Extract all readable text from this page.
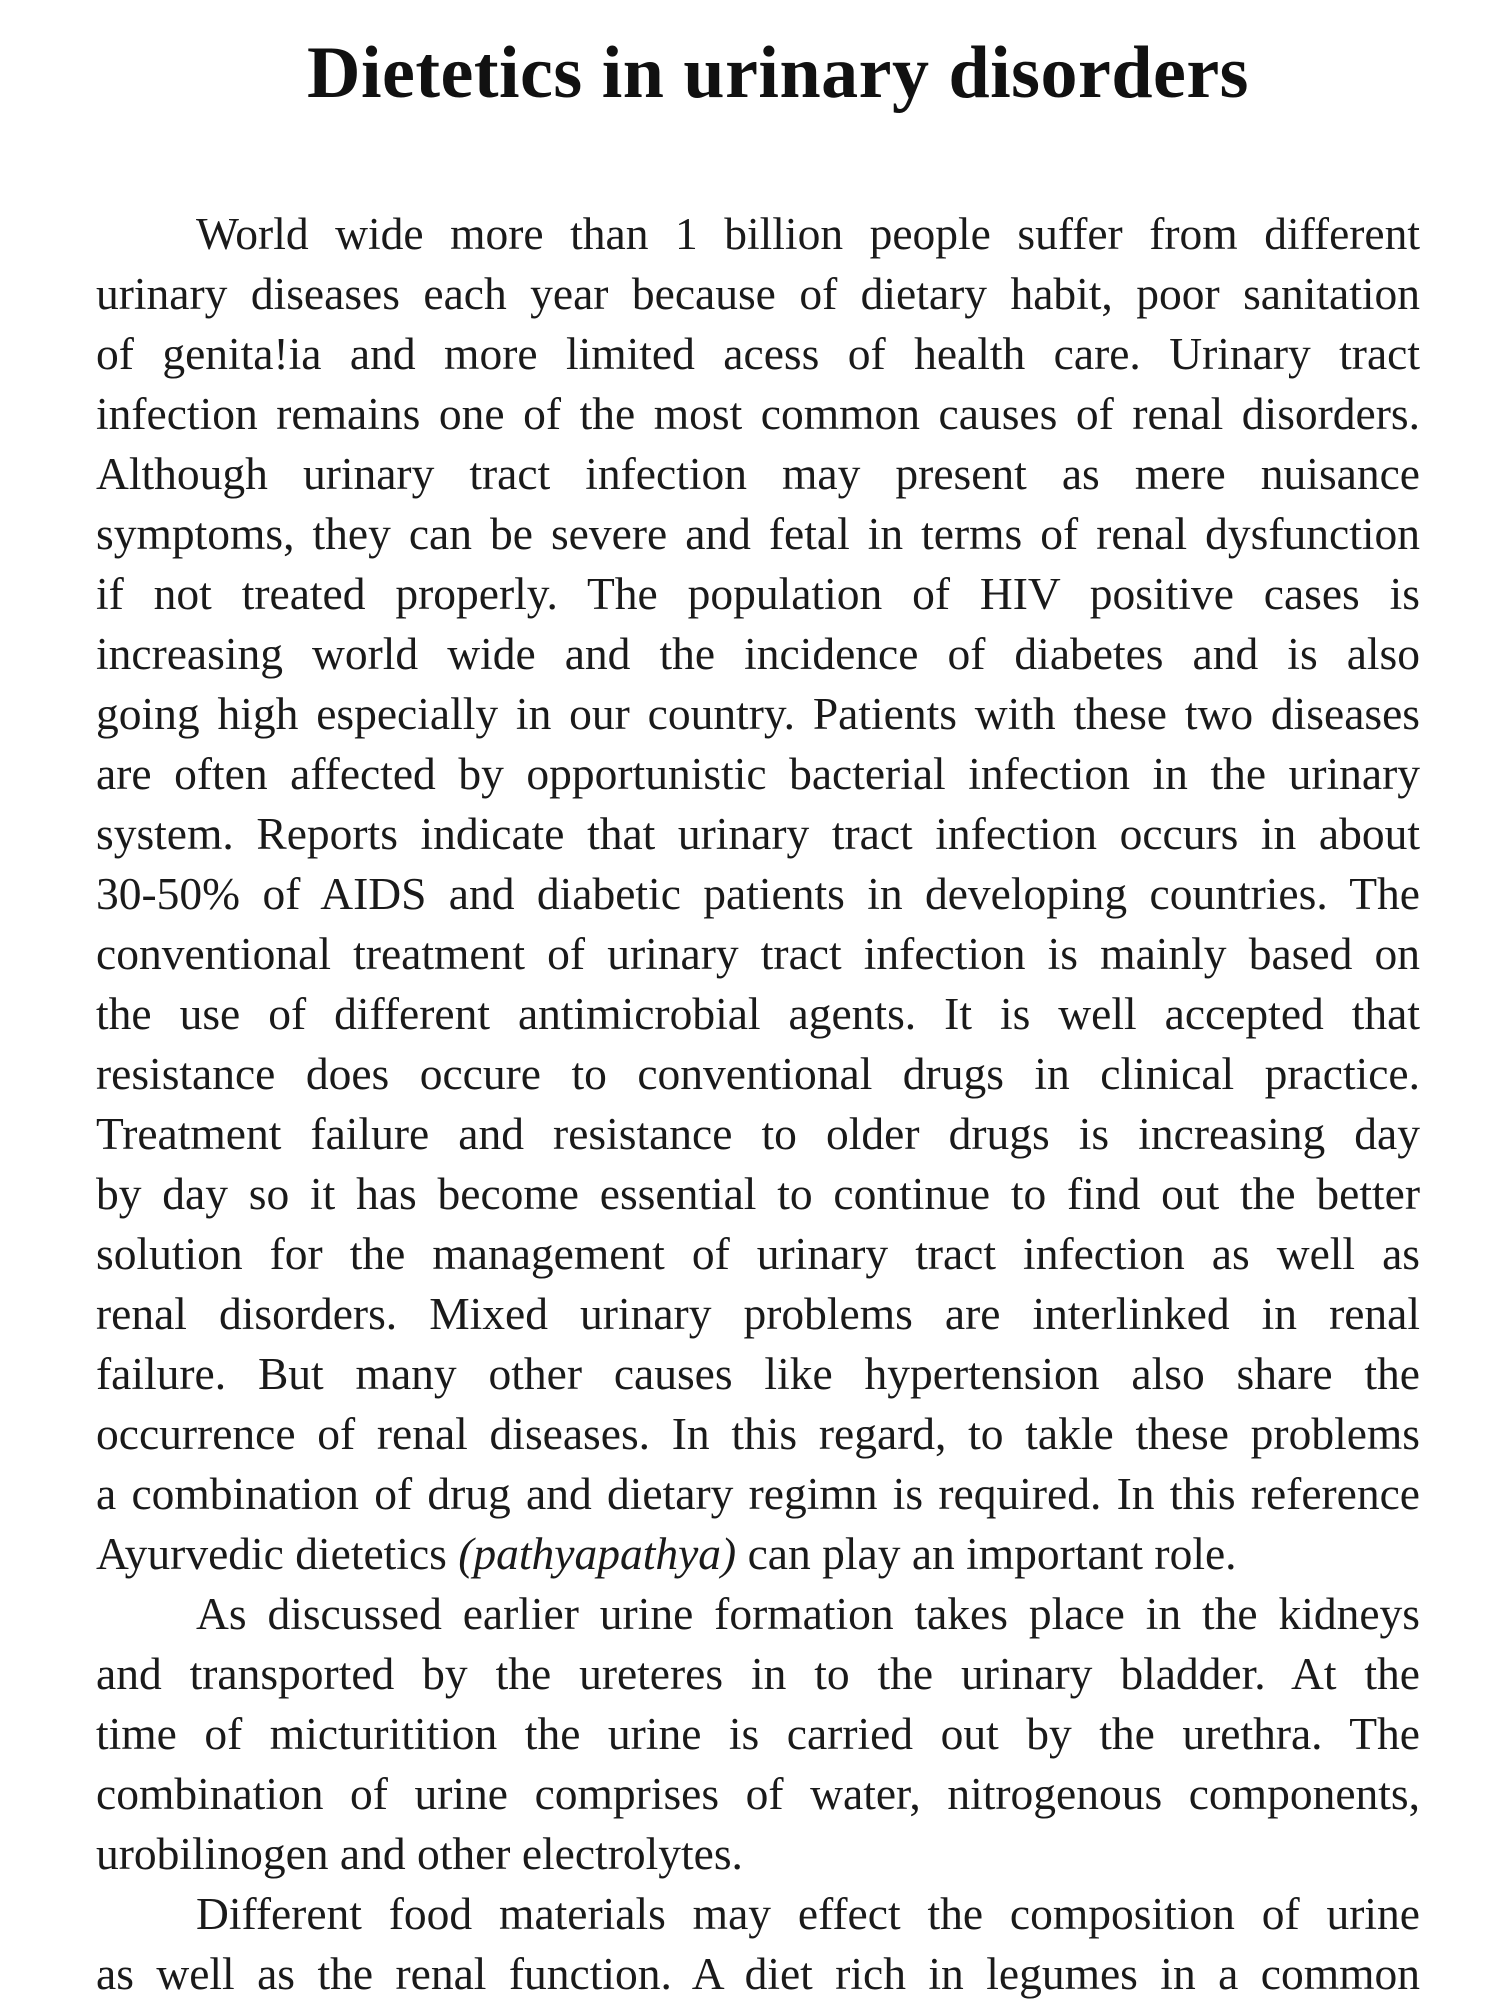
Dietetics in urinary disorders

World wide more than 1 billion people suffer from different
urinary diseases each year because of dietary habit, poor sanitation
of genita!ia and more limited acess of health care. Urinary tract
infection remains one of the most common causes of renal disorders.
Although urinary tract infection may present as mere nuisance
symptoms, they can be severe and fetal in terms of renal dysfunction
if not treated properly. The population of HIV positive cases is
increasing world wide and the incidence of diabetes and is also
going high especially in our country. Patients with these two diseases
are often affected by opportunistic bacterial infection in the urinary
system. Reports indicate that urinary tract infection occurs in about
30-50% of AIDS and diabetic patients in developing countries. The
conventional treatment of urinary tract infection is mainly based on
the use of different antimicrobial agents. It is well accepted that
resistance does occure to conventional drugs in clinical practice.
Treatment failure and resistance to older drugs is increasing day
by day so it has become essential to continue to find out the better
solution for the management of urinary tract infection as well as
renal disorders. Mixed urinary problems are interlinked in renal
failure. But many other causes like hypertension also share the
occurrence of renal diseases. In this regard, to takle these problems
a combination of drug and dietary regimn is required. In this reference
Ayurvedic dietetics (pathyapathya) can play an important role.

As discussed earlier urine formation takes place in the kidneys
and transported by the ureteres in to the urinary bladder. At the
time of micturitition the urine is carried out by the urethra. The
combination of urine comprises of water, nitrogenous components,
urobilinogen and other electrolytes.

Different food materials may effect the composition of urine
as well as the renal function. A diet rich in legumes in a common
